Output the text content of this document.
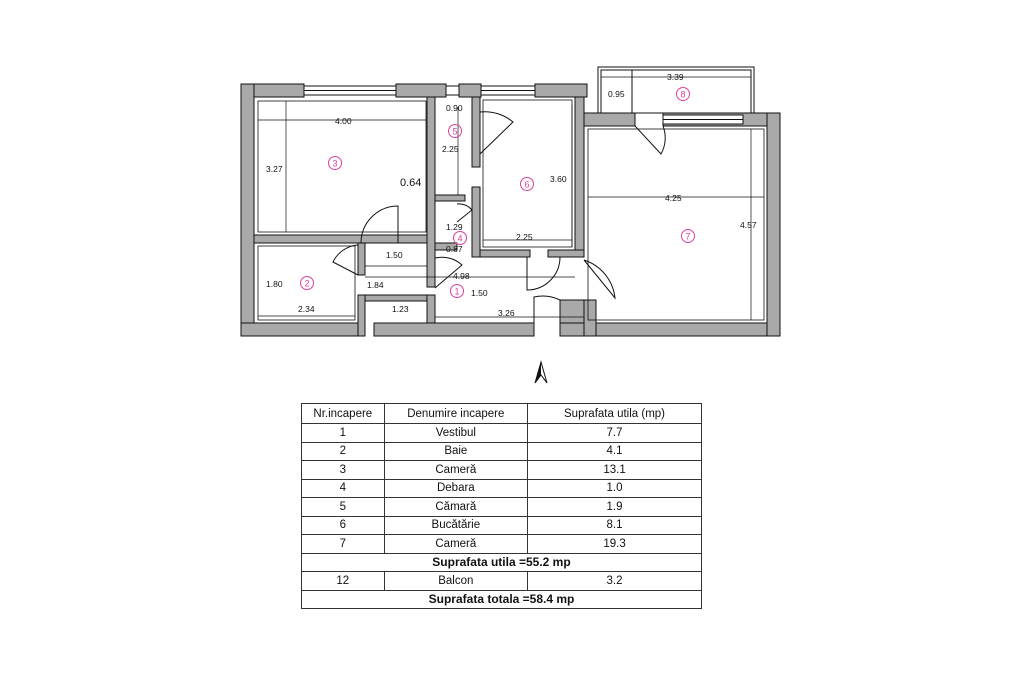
4.00
3.27
0.64
0.90
2.25
3.60
1.29
0.87
2.25
1.50
4.98
1.84
1.50
1.80
2.34	1.23	3.26
4.25
4.57
3.39
0.95
1
2
3
4
5
6
7
8
Nr.incapere	Denumire incapere	Suprafata utila (mp)
1	Vestibul	7.7
2	Baie	4.1
3	Cameră	13.1
4	Debara	1.0
5	Cămară	1.9
6	Bucătărie	8.1
7	Cameră	19.3
Suprafata utila =55.2 mp		
12	Balcon	3.2
Suprafata totala =58.4 mp		
